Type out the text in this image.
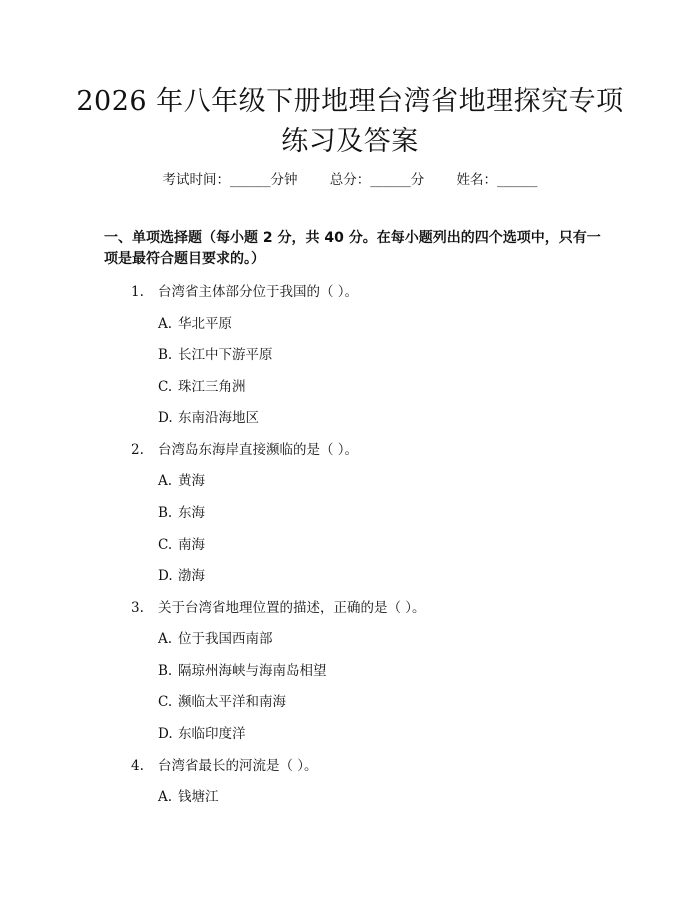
2026 年八年级下册地理台湾省地理探究专项
练习及答案
考试时间：______分钟 总分：______分 姓名：______
一、单项选择题（每小题 2 分，共 40 分。在每小题列出的四个选项中，只有一项是最符合题目要求的。）
1. 台湾省主体部分位于我国的（ ）。
A. 华北平原
B. 长江中下游平原
C. 珠江三角洲
D. 东南沿海地区
2. 台湾岛东海岸直接濒临的是（ ）。
A. 黄海
B. 东海
C. 南海
D. 渤海
3. 关于台湾省地理位置的描述，正确的是（ ）。
A. 位于我国西南部
B. 隔琼州海峡与海南岛相望
C. 濒临太平洋和南海
D. 东临印度洋
4. 台湾省最长的河流是（ ）。
A. 钱塘江
